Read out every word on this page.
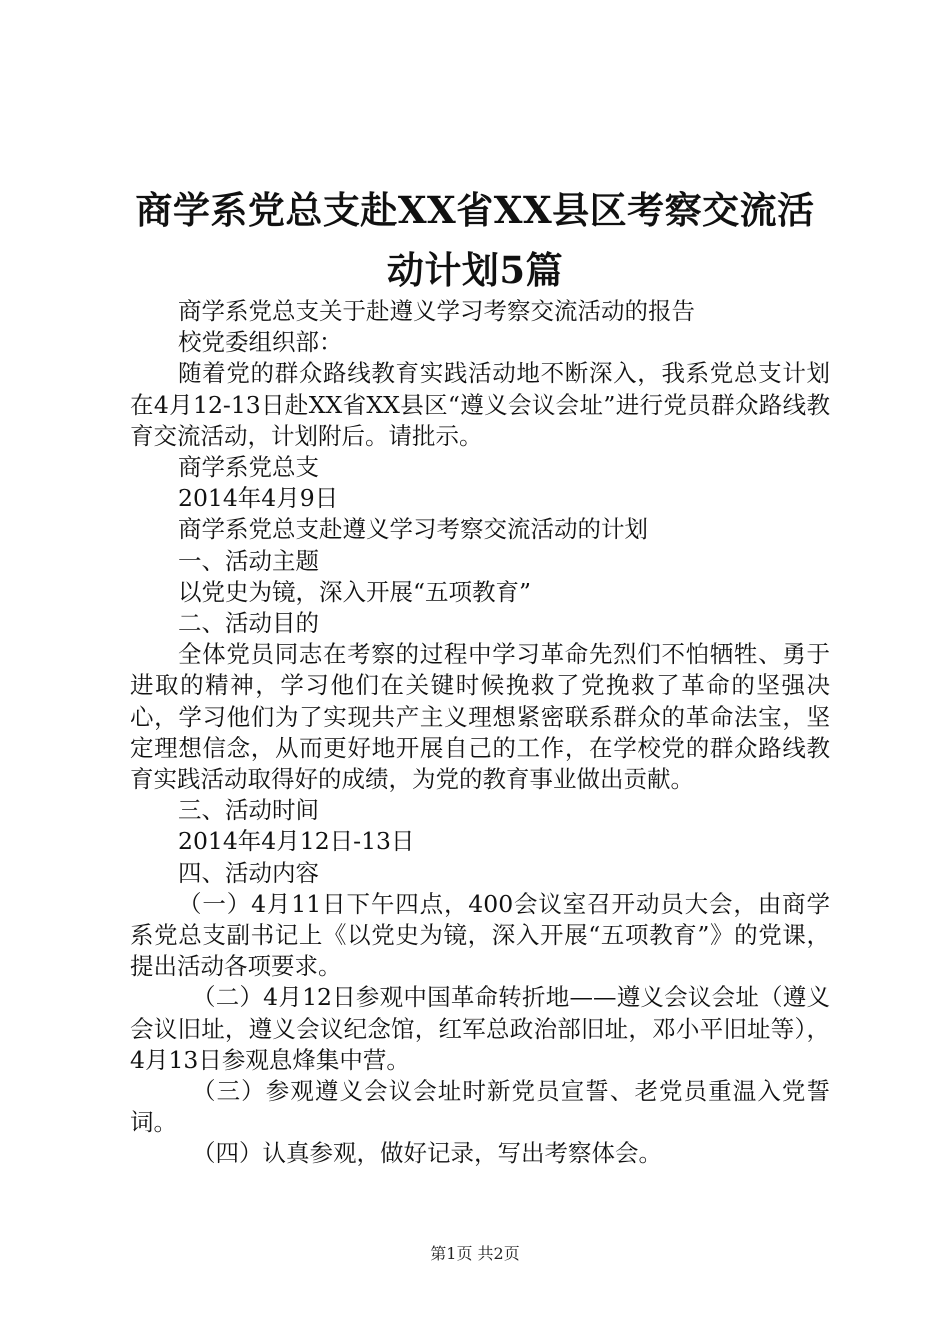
商学系党总支赴XX省XX县区考察交流活动计划5篇

商学系党总支关于赴遵义学习考察交流活动的报告

校党委组织部：

随着党的群众路线教育实践活动地不断深入，我系党总支计划在4月12-13日赴XX省XX县区“遵义会议会址”进行党员群众路线教育交流活动，计划附后。请批示。

商学系党总支

2014年4月9日

商学系党总支赴遵义学习考察交流活动的计划

一、活动主题

以党史为镜，深入开展“五项教育”

二、活动目的

全体党员同志在考察的过程中学习革命先烈们不怕牺牲、勇于进取的精神，学习他们在关键时候挽救了党挽救了革命的坚强决心，学习他们为了实现共产主义理想紧密联系群众的革命法宝，坚定理想信念，从而更好地开展自己的工作，在学校党的群众路线教育实践活动取得好的成绩，为党的教育事业做出贡献。

三、活动时间

2014年4月12日-13日

四、活动内容

（一）4月11日下午四点，400会议室召开动员大会，由商学系党总支副书记上《以党史为镜，深入开展“五项教育”》的党课，提出活动各项要求。

（二）4月12日参观中国革命转折地——遵义会议会址（遵义会议旧址，遵义会议纪念馆，红军总政治部旧址，邓小平旧址等），4月13日参观息烽集中营。

（三）参观遵义会议会址时新党员宣誓、老党员重温入党誓词。

（四）认真参观，做好记录，写出考察体会。

第1页 共2页
